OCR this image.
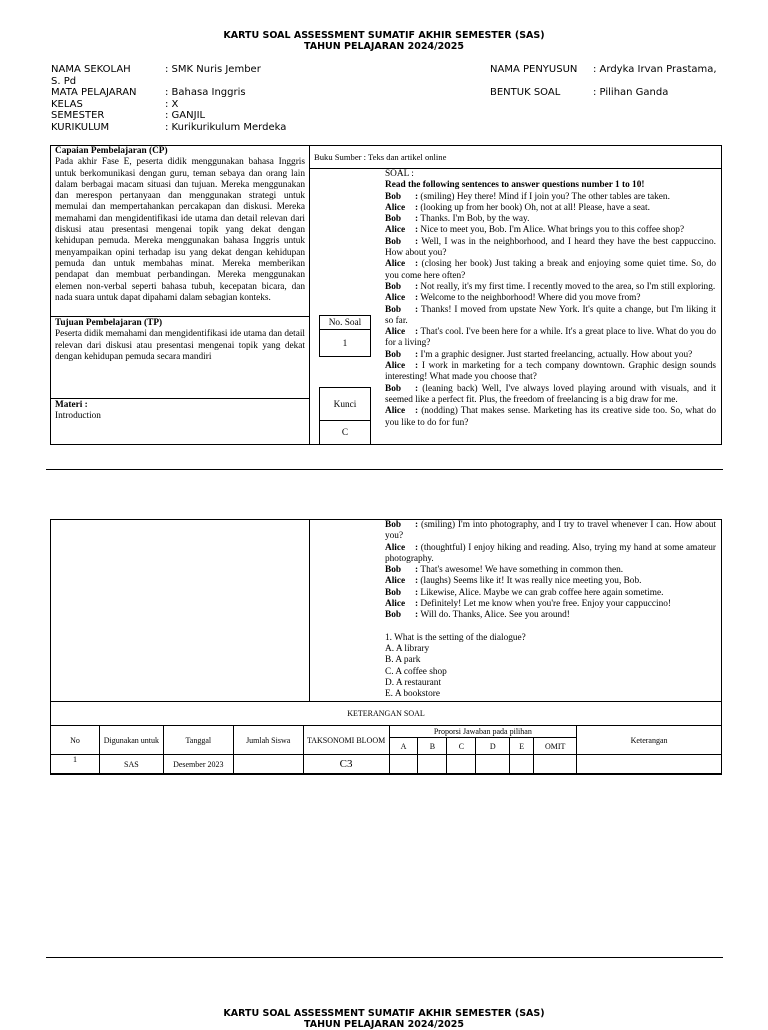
KARTU SOAL ASSESSMENT SUMATIF AKHIR SEMESTER (SAS)
TAHUN PELAJARAN 2024/2025
NAMA SEKOLAH	: SMK Nuris Jember
S. Pd
MATA PELAJARAN	: Bahasa Inggris
KELAS	: X
SEMESTER	: GANJIL
KURIKULUM	: Kurikurikulum Merdeka
NAMA PENYUSUN : Ardyka Irvan Prastama,
BENTUK SOAL	: Pilihan Ganda
Capaian Pembelajaran (CP)
Pada akhir Fase E, peserta didik menggunakan bahasa Inggris untuk berkomunikasi dengan guru, teman sebaya dan orang lain dalam berbagai macam situasi dan tujuan. Mereka menggunakan dan merespon pertanyaan dan menggunakan strategi untuk memulai dan mempertahankan percakapan dan diskusi. Mereka memahami dan mengidentifikasi ide utama dan detail relevan dari diskusi atau presentasi mengenai topik yang dekat dengan kehidupan pemuda. Mereka menggunakan bahasa Inggris untuk menyampaikan opini terhadap isu yang dekat dengan kehidupan pemuda dan untuk membahas minat. Mereka memberikan pendapat dan membuat perbandingan. Mereka menggunakan elemen non-verbal seperti bahasa tubuh, kecepatan bicara, dan nada suara untuk dapat dipahami dalam sebagian konteks.
Tujuan Pembelajaran (TP)
Peserta didik memahami dan mengidentifikasi ide utama dan detail relevan dari diskusi atau presentasi mengenai topik yang dekat dengan kehidupan pemuda secara mandiri
Materi :
Introduction
Buku Sumber : Teks dan artikel online
No. Soal
1
Kunci
C
SOAL :
Read the following sentences to answer questions number 1 to 10!
Bob : (smiling) Hey there! Mind if I join you? The other tables are taken.
Alice : (looking up from her book) Oh, not at all! Please, have a seat.
Bob : Thanks. I'm Bob, by the way.
Alice : Nice to meet you, Bob. I'm Alice. What brings you to this coffee shop?
Bob : Well, I was in the neighborhood, and I heard they have the best cappuccino. How about you?
Alice : (closing her book) Just taking a break and enjoying some quiet time. So, do you come here often?
Bob : Not really, it's my first time. I recently moved to the area, so I'm still exploring.
Alice : Welcome to the neighborhood! Where did you move from?
Bob : Thanks! I moved from upstate New York. It's quite a change, but I'm liking it so far.
Alice : That's cool. I've been here for a while. It's a great place to live. What do you do for a living?
Bob : I'm a graphic designer. Just started freelancing, actually. How about you?
Alice : I work in marketing for a tech company downtown. Graphic design sounds interesting! What made you choose that?
Bob : (leaning back) Well, I've always loved playing around with visuals, and it seemed like a perfect fit. Plus, the freedom of freelancing is a big draw for me.
Alice : (nodding) That makes sense. Marketing has its creative side too. So, what do you like to do for fun?
Bob : (smiling) I'm into photography, and I try to travel whenever I can. How about you?
Alice : (thoughtful) I enjoy hiking and reading. Also, trying my hand at some amateur photography.
Bob : That's awesome! We have something in common then.
Alice : (laughs) Seems like it! It was really nice meeting you, Bob.
Bob : Likewise, Alice. Maybe we can grab coffee here again sometime.
Alice : Definitely! Let me know when you're free. Enjoy your cappuccino!
Bob : Will do. Thanks, Alice. See you around!
1. What is the setting of the dialogue?
A. A library
B. A park
C. A coffee shop
D. A restaurant
E. A bookstore
KETERANGAN SOAL
No	Digunakan untuk	Tanggal	Jumlah Siswa	TAKSONOMI BLOOM	Proporsi Jawaban pada pilihan						Keterangan
					A	B	C	D	E	OMIT	
1	SAS	Desember 2023		C3							
KARTU SOAL ASSESSMENT SUMATIF AKHIR SEMESTER (SAS)
TAHUN PELAJARAN 2024/2025
